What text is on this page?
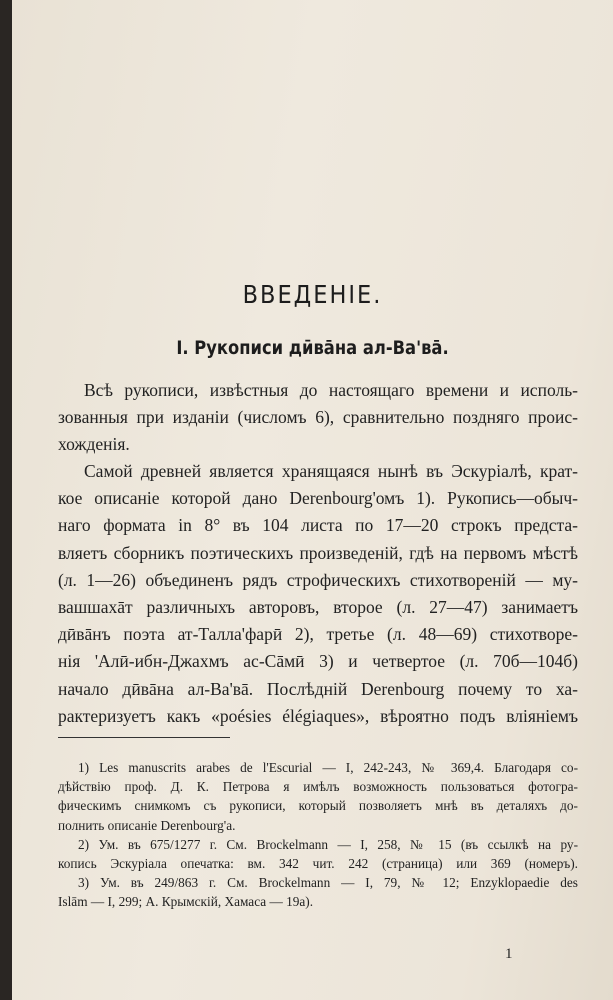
ВВЕДЕНІЕ.
I. Рукописи дӣвāна ал-Ва'вā.
Всѣ рукописи, извѣстныя до настоящаго времени и исполь-
зованныя при изданіи (числомъ 6), сравнительно поздняго проис-
хожденія.
Самой древней является хранящаяся нынѣ въ Эскуріалѣ, крат-
кое описаніе которой дано Derenbourg'омъ 1). Рукопись—обыч-
наго формата in 8° въ 104 листа по 17—20 строкъ предста-
вляетъ сборникъ поэтическихъ произведеній, гдѣ на первомъ мѣстѣ
(л. 1—26) объединенъ рядъ строфическихъ стихотвореній — му-
вашшахāт различныхъ авторовъ, второе (л. 27—47) занимаетъ
дӣвāнъ поэта ат-Талла'фарӣ 2), третье (л. 48—69) стихотворе-
нія 'Алӣ-ибн-Джахмъ ас-Сāмӣ 3) и четвертое (л. 70б—104б)
начало дӣвāна ал-Ва'вā. Послѣдній Derenbourg почему то ха-
рактеризуетъ какъ «poésies élégiaques», вѣроятно подъ вліяніемъ
1) Les manuscrits arabes de l'Escurial — I, 242-243, № 369,4. Благодаря со-
дѣйствію проф. Д. К. Петрова я имѣлъ возможность пользоваться фотогра-
фическимъ снимкомъ съ рукописи, который позволяетъ мнѣ въ деталяхъ до-
полнить описаніе Derenbourg'a.
2) Ум. въ 675/1277 г. См. Brockelmann — I, 258, № 15 (въ ссылкѣ на ру-
копись Эскуріала опечатка: вм. 342 чит. 242 (страница) или 369 (номеръ).
3) Ум. въ 249/863 г. См. Brockelmann — I, 79, № 12; Enzyklopaedie des
Islām — I, 299; А. Крымскій, Хамаса — 19а).
1
